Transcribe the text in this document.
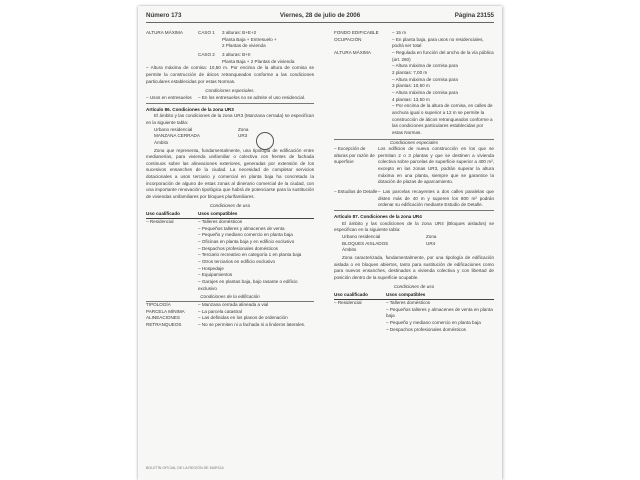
Número 173	Viernes, 28 de julio de 2006	Página 23155
ALTURA MÁXIMA	CASO 1	3 alturas: B+E+2
Planta Baja + Entresuelo +
2 Plantas de vivienda
CASO 2	3 alturas: B+II
Planta Baja + 2 Plantas de vivienda

– Altura máxima de cornisa: 10,50 m. Por encima de la altura de cornisa se permite la construcción de áticos retranqueados conforme a las condiciones particulares establecidas por estas Normas.

Condiciones especiales.

– Usos en entresuelos	– En los entresuelos no se admite el uso residencial.

Artículo 86. Condiciones de la zona UR3

El ámbito y las condiciones de la zona UR3 (Manzana cerrada) se especifican en la siguiente tabla:

Urbano residencial	Zona
MANZANA CERRADA	UR3
Ámbito

Zona que representa, fundamentalmente, una tipología de edificación entre medianerías, para vivienda unifamiliar o colectiva con frentes de fachada continuos sobre las alineaciones exteriores, generadas por extensión de los sucesivos ensanches de la ciudad. La necesidad de completar servicios dotacionales a usos terciario y comercial en planta baja ha concretado la incorporación de alguno de estas zonas al dinerario comercial de la ciudad, con una importante renovación tipológica que habrá de potenciarse para la sustitución de viviendas unifamiliares por bloques plurifamiliares.

Condiciones de uso

Uso cualificado	Usos compatibles
– Residencial	– Talleres domésticos
– Pequeños talleres y almacenes de venta
– Pequeño y mediano comercio en planta baja
– Oficinas en planta baja y en edificio exclusivo
– Despachos profesionales domésticos
– Terciario recreativo en categoría 1 en planta baja
– Otros terciarios en edificio exclusivo
– Hospedaje
– Equipamientos
– Garajes en plantas baja, bajo rasante o edificio exclusivo

Condiciones de la edificación

TIPOLOGÍA	– Manzana cerrada alineada a vial
PARCELA MÍNIMA	– La parcela catastral
ALINEACIONES	– Las definidas en los planos de ordenación
RETRANQUEOS	– No se permiten ni a fachada ni a linderos laterales.
FONDO EDIFICABLE	– 15 m
OCUPACIÓN	– En planta baja, para usos no residenciales, podrá ser total
ALTURA MÁXIMA	– Regulada en función del ancho de la vía pública (art. 260)
– Altura máxima de cornisa para
2 plantas: 7,00 m
– Altura máxima de cornisa para
3 plantas: 10,50 m
– Altura máxima de cornisa para
4 plantas: 13,50 m
– Por encima de la altura de cornisa, en calles de anchura igual o superior a 12 m se permite la construcción de áticos retranqueados conforme a las condiciones particulares establecidas por estas Normas.

Condiciones especiales

– Excepción de alturas por razón de superficie
Los edificios de nueva construcción en los que se permitan 2 o 3 plantas y que se destinen a vivienda colectiva sobre parcelas de superficie superior a 400 m², excepto en las zonas UR3, podrán superar la altura máxima en una planta, siempre que se garantice la dotación de plazas de aparcamiento.
– Estudios de Detalle – Las parcelas recayentes a dos calles paralelas que disten más de 40 m y superen los 800 m² podrán ordenar su edificación mediante Estudio de Detalle.

Artículo 87. Condiciones de la zona UR4

El ámbito y las condiciones de la zona UR4 (Bloques aislados) se especifican en la siguiente tabla:

Urbano residencial	Zona
BLOQUES AISLADOS	UR4
Ámbito

Zona caracterizada, fundamentalmente, por una tipología de edificación aislada o en bloques abiertos, tanto para sustitución de edificaciones como para nuevos ensanches, destinados a vivienda colectiva y con libertad de posición dentro de la superficie ocupable.

Condiciones de uso

Uso cualificado	Usos compatibles
– Residencial	– Talleres domésticos
– Pequeños talleres y almacenes de venta en planta baja
– Pequeño y mediano comercio en planta baja
– Despachos profesionales domésticos
BOLETÍN OFICIAL DE LA REGIÓN DE MURCIA
